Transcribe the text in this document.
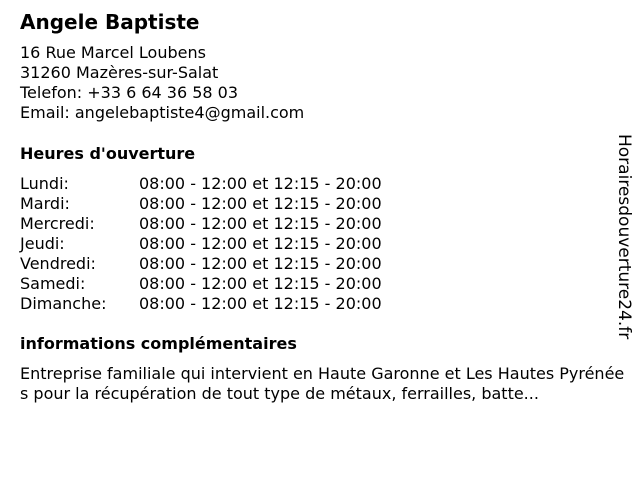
Angele Baptiste
16 Rue Marcel Loubens
31260 Mazères-sur-Salat
Telefon: +33 6 64 36 58 03
Email: angelebaptiste4@gmail.com
Heures d'ouverture
Lundi:	08:00 - 12:00 et 12:15 - 20:00
Mardi:	08:00 - 12:00 et 12:15 - 20:00
Mercredi:	08:00 - 12:00 et 12:15 - 20:00
Jeudi:	08:00 - 12:00 et 12:15 - 20:00
Vendredi:	08:00 - 12:00 et 12:15 - 20:00
Samedi:	08:00 - 12:00 et 12:15 - 20:00
Dimanche:	08:00 - 12:00 et 12:15 - 20:00
informations complémentaires
Entreprise familiale qui intervient en Haute Garonne et Les Hautes Pyrénées pour la récupération de tout type de métaux, ferrailles, batte...
Horairesdouverture24.fr
